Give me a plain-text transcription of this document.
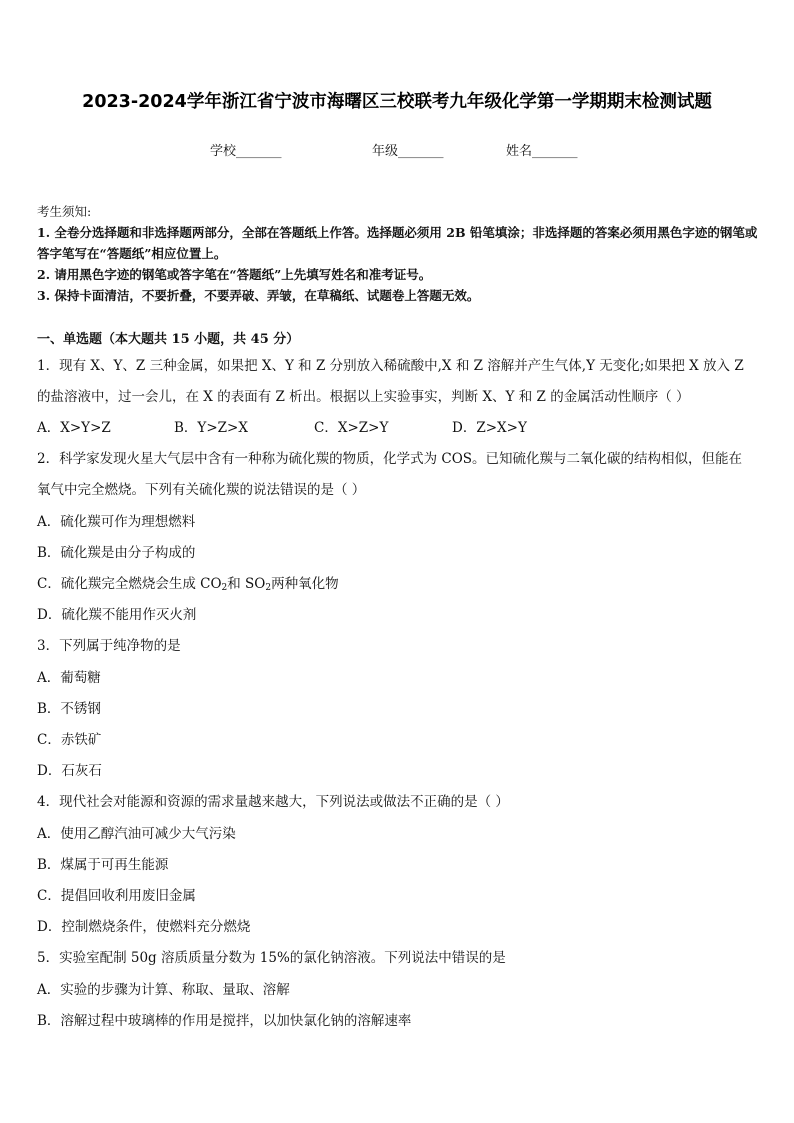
2023-2024学年浙江省宁波市海曙区三校联考九年级化学第一学期期末检测试题
学校_______	年级_______	姓名_______
考生须知:
1. 全卷分选择题和非选择题两部分，全部在答题纸上作答。选择题必须用 2B 铅笔填涂；非选择题的答案必须用黑色字迹的钢笔或答字笔写在“答题纸”相应位置上。
2. 请用黑色字迹的钢笔或答字笔在“答题纸”上先填写姓名和准考证号。
3. 保持卡面清洁，不要折叠，不要弄破、弄皱，在草稿纸、试题卷上答题无效。
一、单选题（本大题共 15 小题，共 45 分）
1．现有 X、Y、Z 三种金属，如果把 X、Y 和 Z 分别放入稀硫酸中,X 和 Z 溶解并产生气体,Y 无变化;如果把 X 放入 Z
的盐溶液中，过一会儿，在 X 的表面有 Z 析出。根据以上实验事实，判断 X、Y 和 Z 的金属活动性顺序（ ）
A．X>Y>Z	B．Y>Z>X	C．X>Z>Y	D．Z>X>Y
2．科学家发现火星大气层中含有一种称为硫化羰的物质，化学式为 COS。已知硫化羰与二氧化碳的结构相似，但能在
氧气中完全燃烧。下列有关硫化羰的说法错误的是（ ）
A．硫化羰可作为理想燃料
B．硫化羰是由分子构成的
C．硫化羰完全燃烧会生成 $CO_2$和 $SO_2$两种氧化物
D．硫化羰不能用作灭火剂
3．下列属于纯净物的是
A．葡萄糖
B．不锈钢
C．赤铁矿
D．石灰石
4．现代社会对能源和资源的需求量越来越大，下列说法或做法不正确的是（ ）
A．使用乙醇汽油可减少大气污染
B．煤属于可再生能源
C．提倡回收利用废旧金属
D．控制燃烧条件，使燃料充分燃烧
5．实验室配制 50g 溶质质量分数为 15%的氯化钠溶液。下列说法中错误的是
A．实验的步骤为计算、称取、量取、溶解
B．溶解过程中玻璃棒的作用是搅拌，以加快氯化钠的溶解速率
